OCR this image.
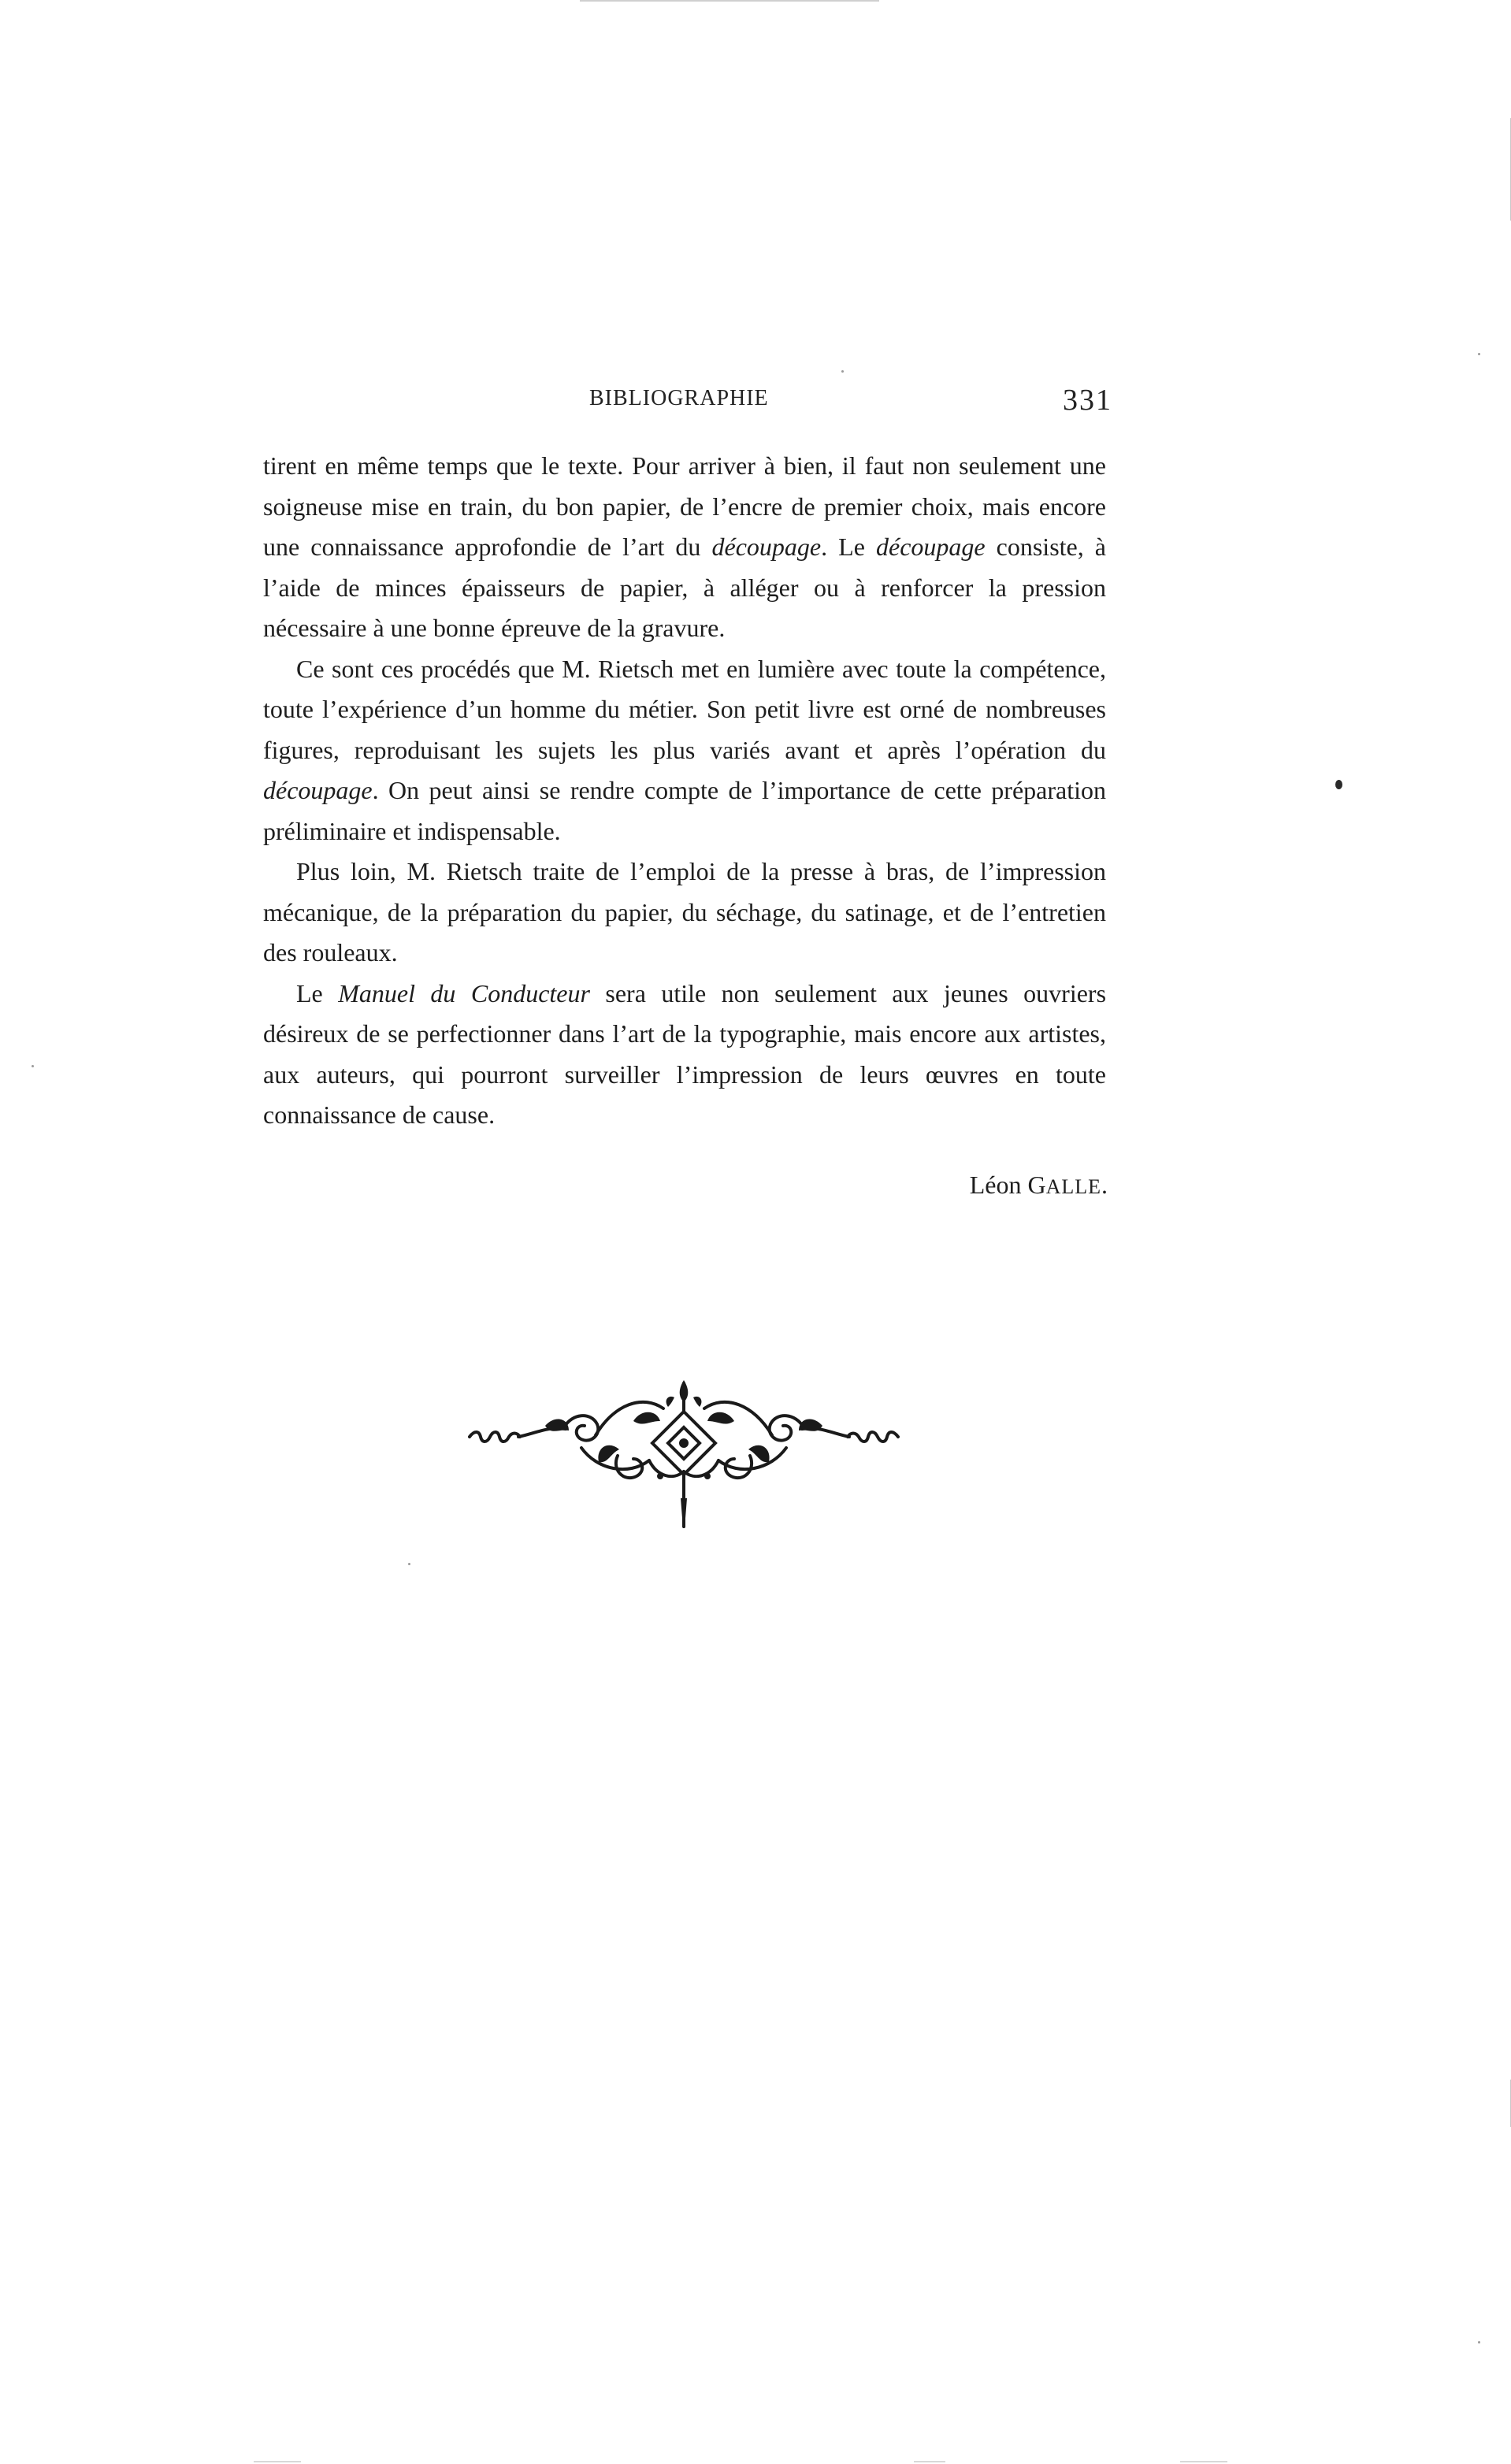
BIBLIOGRAPHIE	331

tirent en même temps que le texte. Pour arriver à bien, il faut non seulement une soigneuse mise en train, du bon papier, de l’encre de premier choix, mais encore une connaissance approfondie de l’art du découpage. Le découpage consiste, à l’aide de minces épaisseurs de papier, à alléger ou à renforcer la pression nécessaire à une bonne épreuve de la gravure.

Ce sont ces procédés que M. Rietsch met en lumière avec toute la compétence, toute l’expérience d’un homme du métier. Son petit livre est orné de nombreuses figures, reproduisant les sujets les plus variés avant et après l’opération du découpage. On peut ainsi se rendre compte de l’importance de cette préparation préliminaire et indispensable.

Plus loin, M. Rietsch traite de l’emploi de la presse à bras, de l’impression mécanique, de la préparation du papier, du séchage, du satinage, et de l’entretien des rouleaux.

Le Manuel du Conducteur sera utile non seulement aux jeunes ouvriers désireux de se perfectionner dans l’art de la typographie, mais encore aux artistes, aux auteurs, qui pourront surveiller l’impression de leurs œuvres en toute connaissance de cause.

Léon GALLE.
